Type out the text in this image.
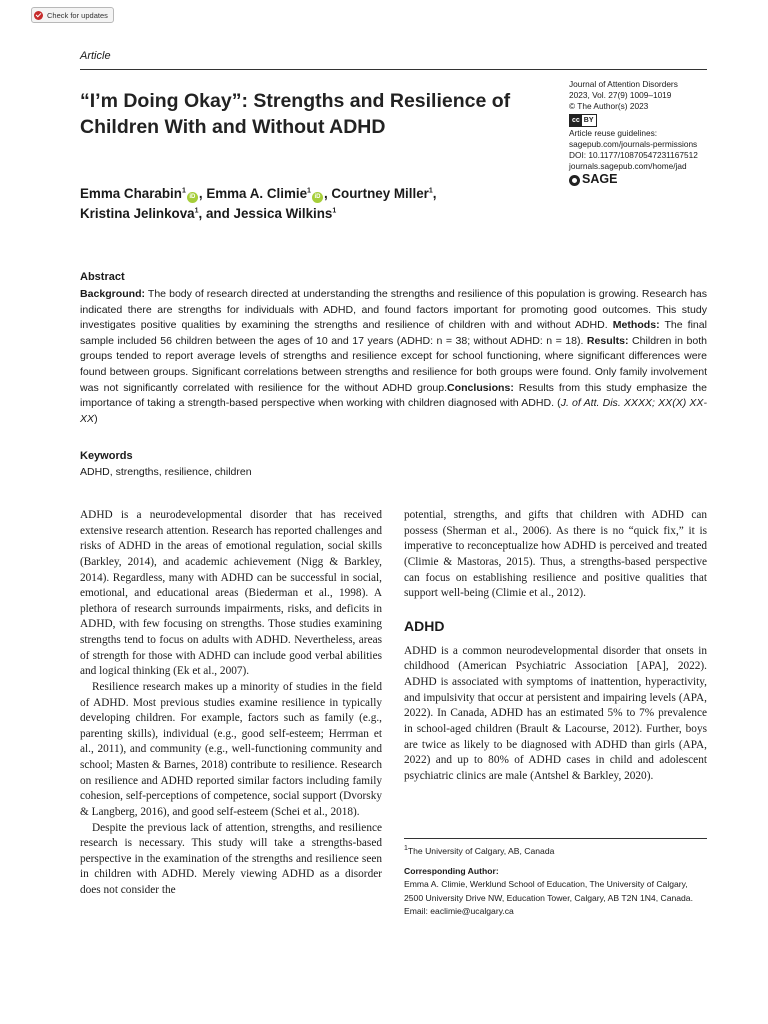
Check for updates
Article
“I’m Doing Okay”: Strengths and Resilience of Children With and Without ADHD
Journal of Attention Disorders
2023, Vol. 27(9) 1009–1019
© The Author(s) 2023
cc BY
Article reuse guidelines:
sagepub.com/journals-permissions
DOI: 10.1177/10870547231167512
journals.sagepub.com/home/jad
SAGE
Emma Charabin$^1$iD , Emma A. Climie$^1$iD , Courtney Miller$^1$,
Kristina Jelinkova$^1$, and Jessica Wilkins$^1$
Abstract

Background: The body of research directed at understanding the strengths and resilience of this population is growing. Research has indicated there are strengths for individuals with ADHD, and found factors important for promoting good outcomes. This study investigates positive qualities by examining the strengths and resilience of children with and without ADHD. Methods: The final sample included 56 children between the ages of 10 and 17 years (ADHD: n = 38; without ADHD: n = 18). Results: Children in both groups tended to report average levels of strengths and resilience except for school functioning, where significant differences were found between groups. Significant correlations between strengths and resilience for both groups were found. Only family involvement was not significantly correlated with resilience for the without ADHD group.Conclusions: Results from this study emphasize the importance of taking a strength-based perspective when working with children diagnosed with ADHD. (J. of Att. Dis. XXXX; XX(X) XX-XX)

Keywords
ADHD, strengths, resilience, children

ADHD is a neurodevelopmental disorder that has received extensive research attention. Research has reported challenges and risks of ADHD in the areas of emotional regulation, social skills (Barkley, 2014), and academic achievement (Nigg & Barkley, 2014). Regardless, many with ADHD can be successful in social, emotional, and educational areas (Biederman et al., 1998). A plethora of research surrounds impairments, risks, and deficits in ADHD, with few focusing on strengths. Those studies examining strengths tend to focus on adults with ADHD. Nevertheless, areas of strength for those with ADHD can include good verbal abilities and logical thinking (Ek et al., 2007).

Resilience research makes up a minority of studies in the field of ADHD. Most previous studies examine resilience in typically developing children. For example, factors such as family (e.g., parenting skills), individual (e.g., good self-esteem; Herrman et al., 2011), and community (e.g., well-functioning community and school; Masten & Barnes, 2018) contribute to resilience. Research on resilience and ADHD reported similar factors including family cohesion, self-perceptions of competence, social support (Dvorsky & Langberg, 2016), and good self-esteem (Schei et al., 2018).

Despite the previous lack of attention, strengths, and resilience research is necessary. This study will take a strengths-based perspective in the examination of the strengths and resilience seen in children with ADHD. Merely viewing ADHD as a disorder does not consider the

potential, strengths, and gifts that children with ADHD can possess (Sherman et al., 2006). As there is no “quick fix,” it is imperative to reconceptualize how ADHD is perceived and treated (Climie & Mastoras, 2015). Thus, a strengths-based perspective can focus on establishing resilience and positive qualities that support well-being (Climie et al., 2012).

ADHD

ADHD is a common neurodevelopmental disorder that onsets in childhood (American Psychiatric Association [APA], 2022). ADHD is associated with symptoms of inattention, hyperactivity, and impulsivity that occur at persistent and impairing levels (APA, 2022). In Canada, ADHD has an estimated 5% to 7% prevalence in school-aged children (Brault & Lacourse, 2012). Further, boys are twice as likely to be diagnosed with ADHD than girls (APA, 2022) and up to 80% of ADHD cases in child and adolescent psychiatric clinics are male (Antshel & Barkley, 2020).

$^1$The University of Calgary, AB, Canada
Corresponding Author:
Emma A. Climie, Werklund School of Education, The University of Calgary, 2500 University Drive NW, Education Tower, Calgary, AB T2N 1N4, Canada.
Email: eaclimie@ucalgary.ca
